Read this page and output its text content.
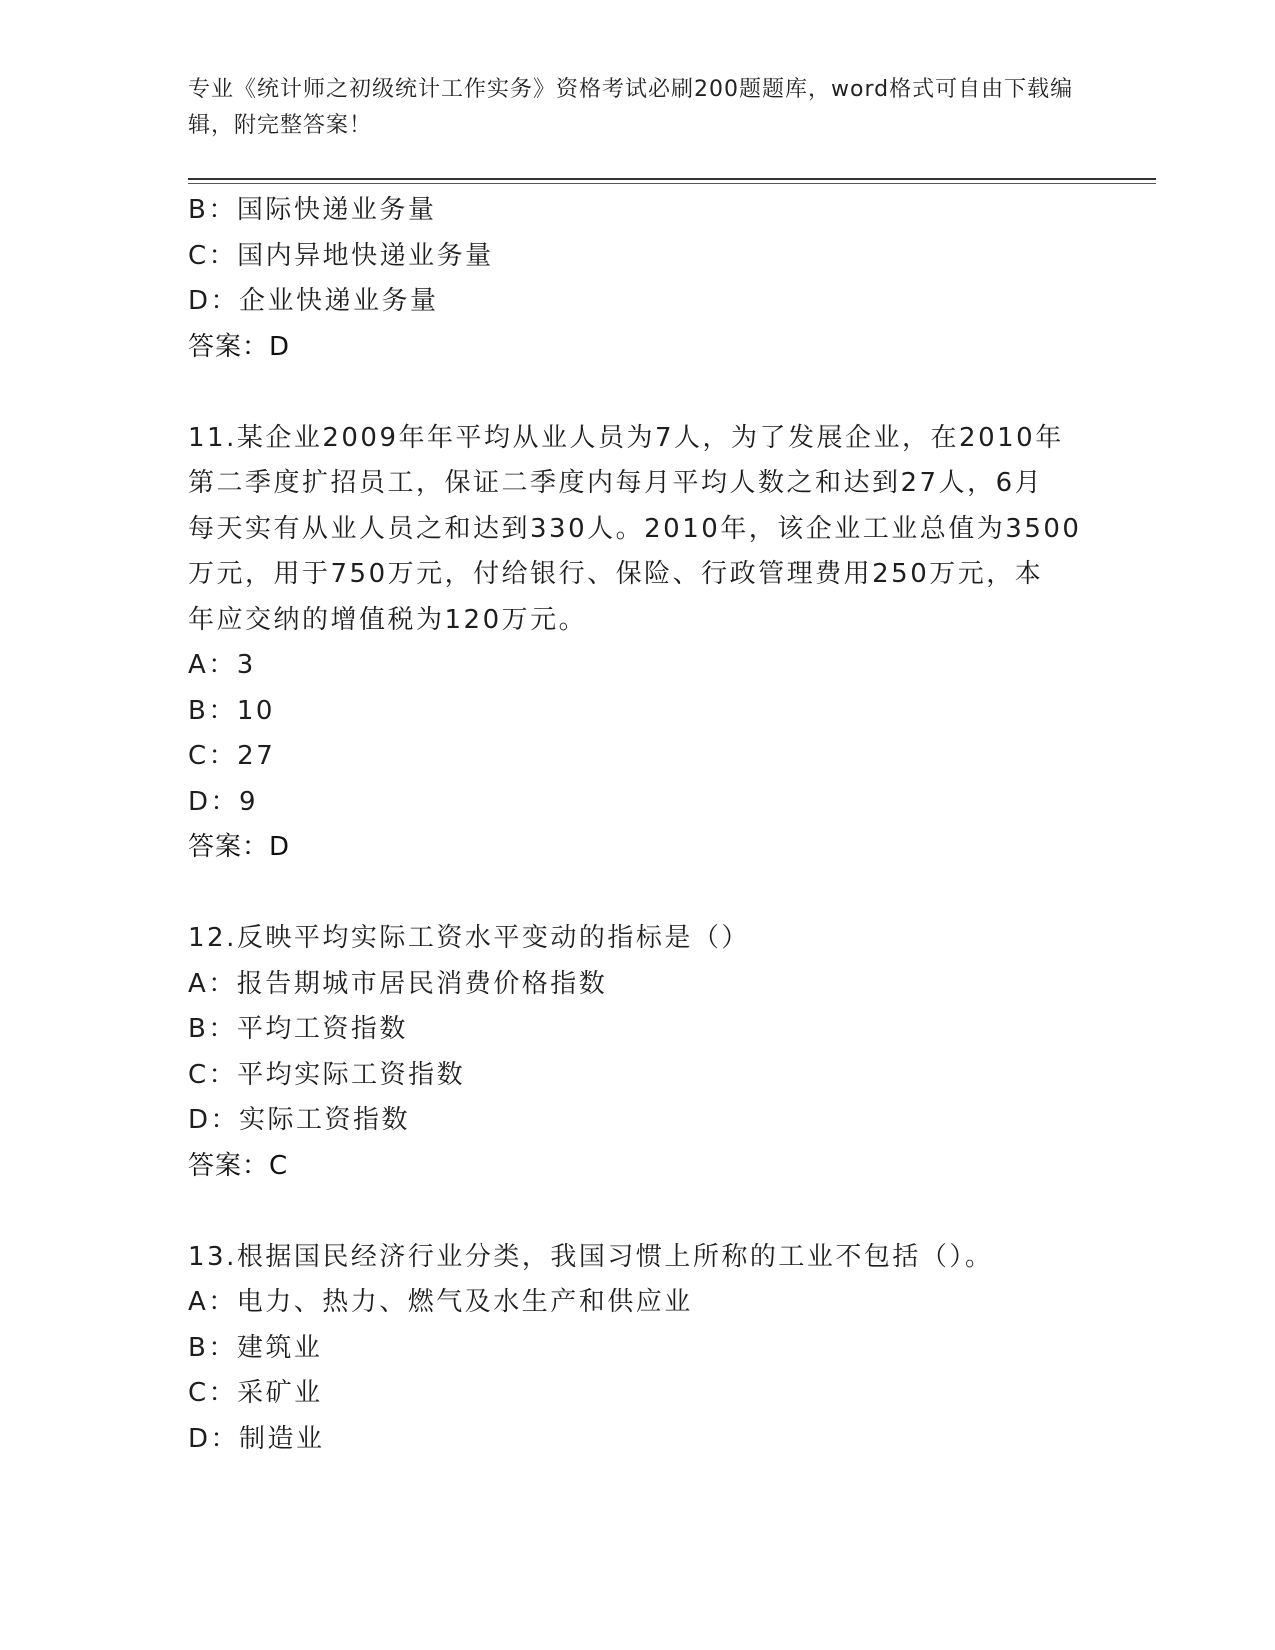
专业《统计师之初级统计工作实务》资格考试必刷200题题库，word格式可自由下载编辑，附完整答案！
B：国际快递业务量
C：国内异地快递业务量
D：企业快递业务量
答案：D
11.某企业2009年年平均从业人员为7人，为了发展企业，在2010年
第二季度扩招员工，保证二季度内每月平均人数之和达到27人，6月
每天实有从业人员之和达到330人。2010年，该企业工业总值为3500
万元，用于750万元，付给银行、保险、行政管理费用250万元，本
年应交纳的增值税为120万元。
A：3
B：10
C：27
D：9
答案：D
12.反映平均实际工资水平变动的指标是（）
A：报告期城市居民消费价格指数
B：平均工资指数
C：平均实际工资指数
D：实际工资指数
答案：C
13.根据国民经济行业分类，我国习惯上所称的工业不包括（）。
A：电力、热力、燃气及水生产和供应业
B：建筑业
C：采矿业
D：制造业
